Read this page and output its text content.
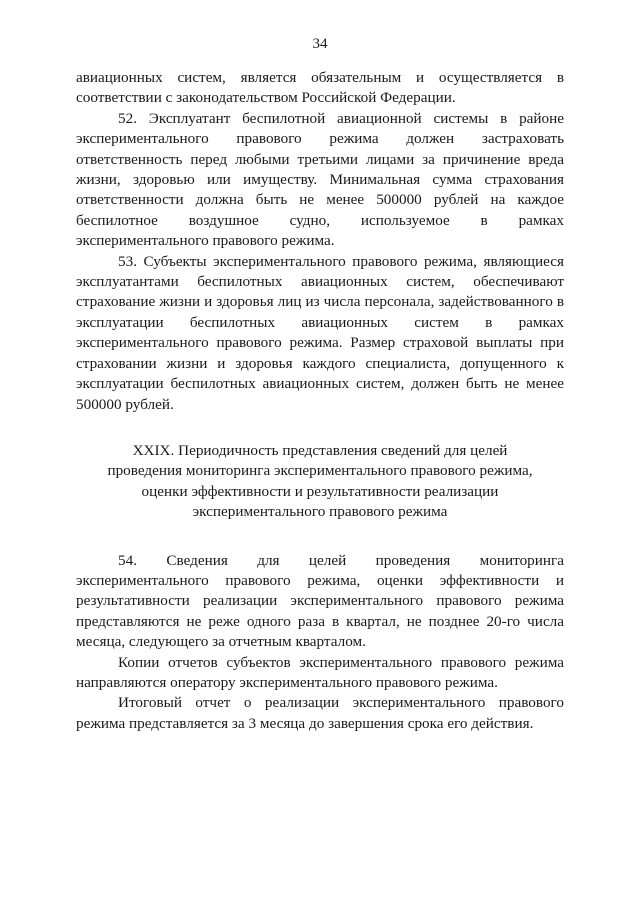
34

авиационных систем, является обязательным и осуществляется в соответствии с законодательством Российской Федерации.

52. Эксплуатант беспилотной авиационной системы в районе экспериментального правового режима должен застраховать ответственность перед любыми третьими лицами за причинение вреда жизни, здоровью или имуществу. Минимальная сумма страхования ответственности должна быть не менее 500000 рублей на каждое беспилотное воздушное судно, используемое в рамках экспериментального правового режима.

53. Субъекты экспериментального правового режима, являющиеся эксплуатантами беспилотных авиационных систем, обеспечивают страхование жизни и здоровья лиц из числа персонала, задействованного в эксплуатации беспилотных авиационных систем в рамках экспериментального правового режима. Размер страховой выплаты при страховании жизни и здоровья каждого специалиста, допущенного к эксплуатации беспилотных авиационных систем, должен быть не менее 500000 рублей.

XXIX. Периодичность представления сведений для целей
проведения мониторинга экспериментального правового режима,
оценки эффективности и результативности реализации
экспериментального правового режима

54. Сведения для целей проведения мониторинга экспериментального правового режима, оценки эффективности и результативности реализации экспериментального правового режима представляются не реже одного раза в квартал, не позднее 20-го числа месяца, следующего за отчетным кварталом.

Копии отчетов субъектов экспериментального правового режима направляются оператору экспериментального правового режима.

Итоговый отчет о реализации экспериментального правового режима представляется за 3 месяца до завершения срока его действия.
